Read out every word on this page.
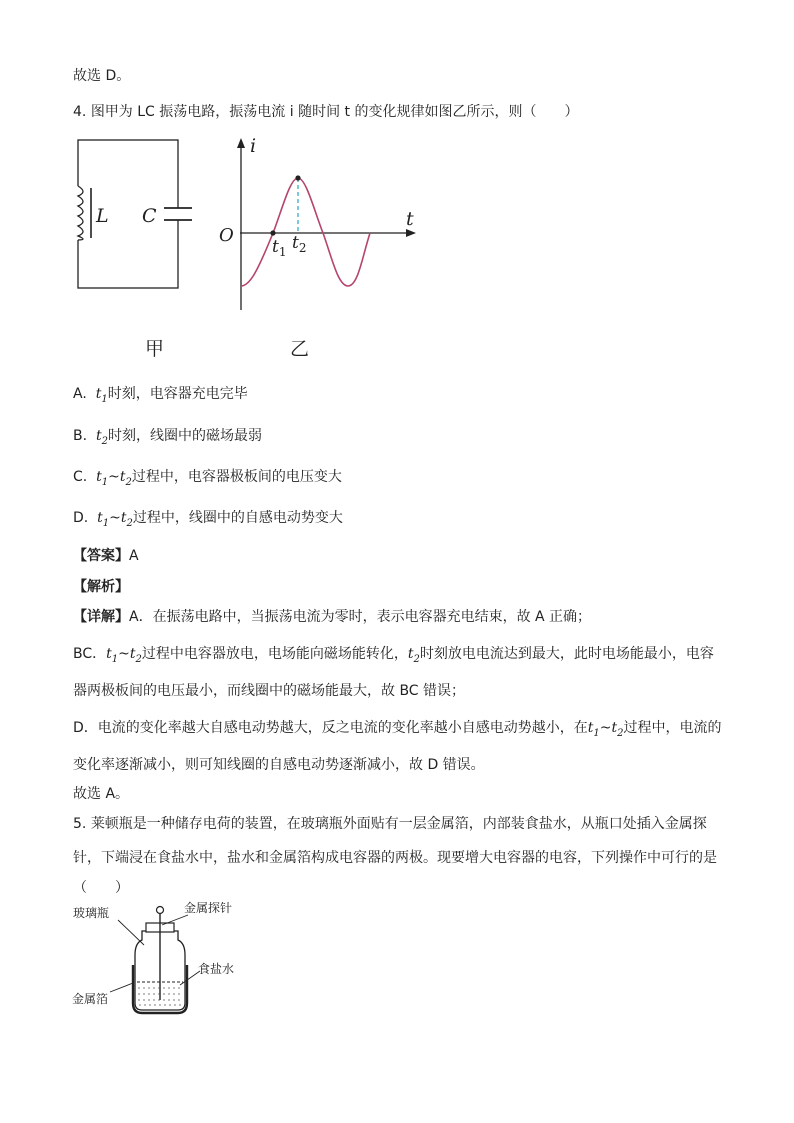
故选 D。
4. 图甲为 LC 振荡电路，振荡电流 i 随时间 t 的变化规律如图乙所示，则（　　）
L C
甲
i
t
O
$t_1$ $t_2$
乙
A. $t_1$时刻，电容器充电完毕
B. $t_2$时刻，线圈中的磁场最弱
C. $t_1\sim t_2$过程中，电容器极板间的电压变大
D. $t_1\sim t_2$过程中，线圈中的自感电动势变大
【答案】A
【解析】
【详解】A．在振荡电路中，当振荡电流为零时，表示电容器充电结束，故 A 正确；
BC．$t_1\sim t_2$过程中电容器放电，电场能向磁场能转化，$t_2$时刻放电电流达到最大，此时电场能最小，电容
器两极板间的电压最小，而线圈中的磁场能最大，故 BC 错误；
D．电流的变化率越大自感电动势越大，反之电流的变化率越小自感电动势越小，在$t_1\sim t_2$过程中，电流的
变化率逐渐减小，则可知线圈的自感电动势逐渐减小，故 D 错误。
故选 A。
5. 莱顿瓶是一种储存电荷的装置，在玻璃瓶外面贴有一层金属箔，内部装食盐水，从瓶口处插入金属探
针，下端浸在食盐水中，盐水和金属箔构成电容器的两极。现要增大电容器的电容，下列操作中可行的是
（　　）
玻璃瓶	金属探针
食盐水
金属箔
